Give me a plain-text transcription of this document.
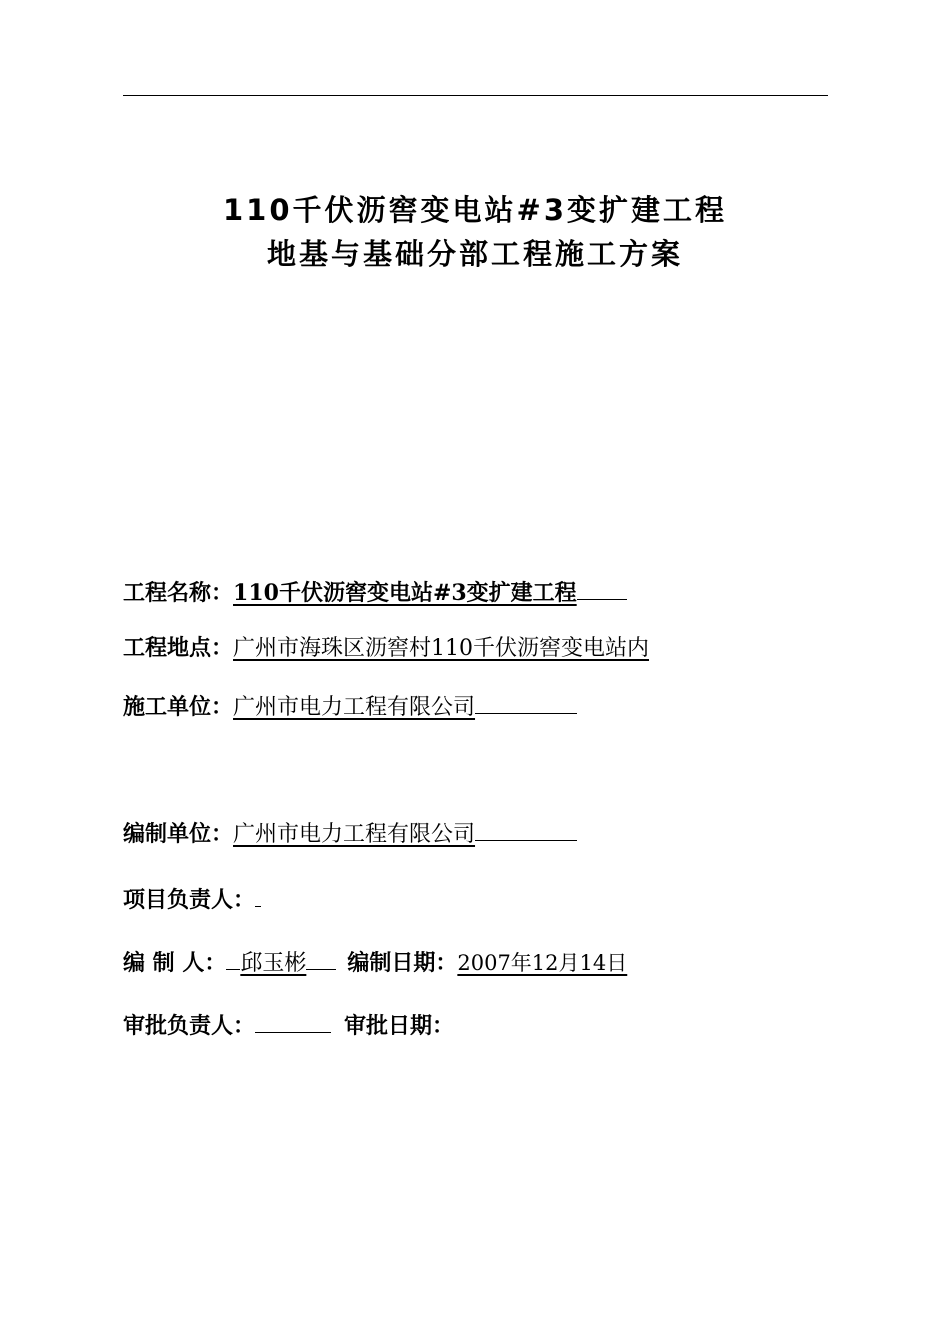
110千伏沥窖变电站#3变扩建工程
地基与基础分部工程施工方案
工程名称：110千伏沥窖变电站#3变扩建工程
工程地点：广州市海珠区沥窖村110千伏沥窖变电站内
施工单位：广州市电力工程有限公司
编制单位：广州市电力工程有限公司
项目负责人：
编 制 人： 邱玉彬 编制日期：2007年12月14日
审批负责人：	审批日期：
